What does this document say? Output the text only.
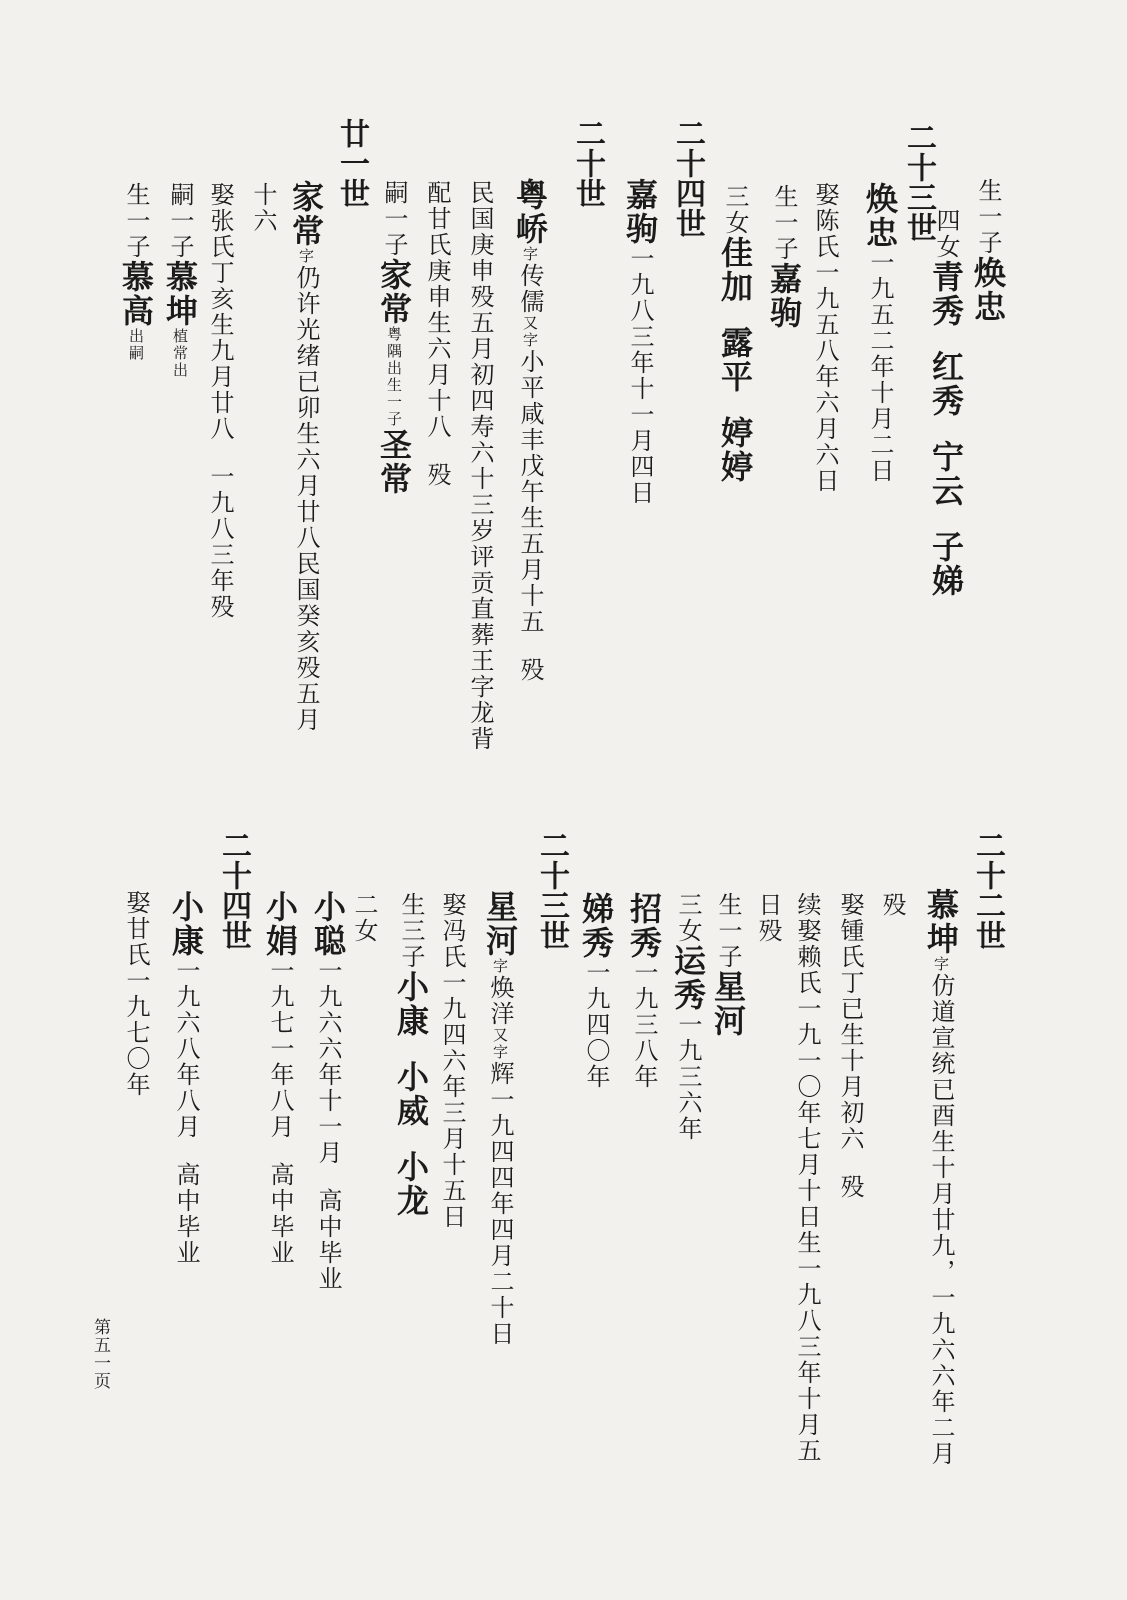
生一子焕忠
四女青秀红秀宁云子娣
二十三世
焕忠一九五二年十月二日
娶陈氏一九五八年六月六日
生一子嘉驹
三女佳加露平婷婷
二十四世
嘉驹一九八三年十一月四日
二十世
粤峤字传儒又字小平咸丰戊午生五月十五殁
民国庚申殁五月初四寿六十三岁评贡直葬王字龙背
配甘氏庚申生六月十八殁
嗣一子家常粤隅出生一子圣常
廿一世
家常字仍许光绪已卯生六月廿八民国癸亥殁五月
十六
娶张氏丁亥生九月廿八一九八三年殁
嗣一子慕坤植常出
生一子慕高出嗣
二十二世
慕坤字仿道宣统已酉生十月廿九，一九六六年二月
殁
娶锺氏丁已生十月初六殁
续娶赖氏一九一〇年七月十日生一九八三年十月五
日殁
生一子星河
三女运秀一九三六年
招秀一九三八年
娣秀一九四〇年
二十三世
星河字焕洋又字辉一九四四年四月二十日
娶冯氏一九四六年三月十五日
生三子小康小威小龙
二女
小聪一九六六年十一月高中毕业
小娟一九七一年八月高中毕业
二十四世
小康一九六八年八月高中毕业
娶甘氏一九七〇年
第五一页
